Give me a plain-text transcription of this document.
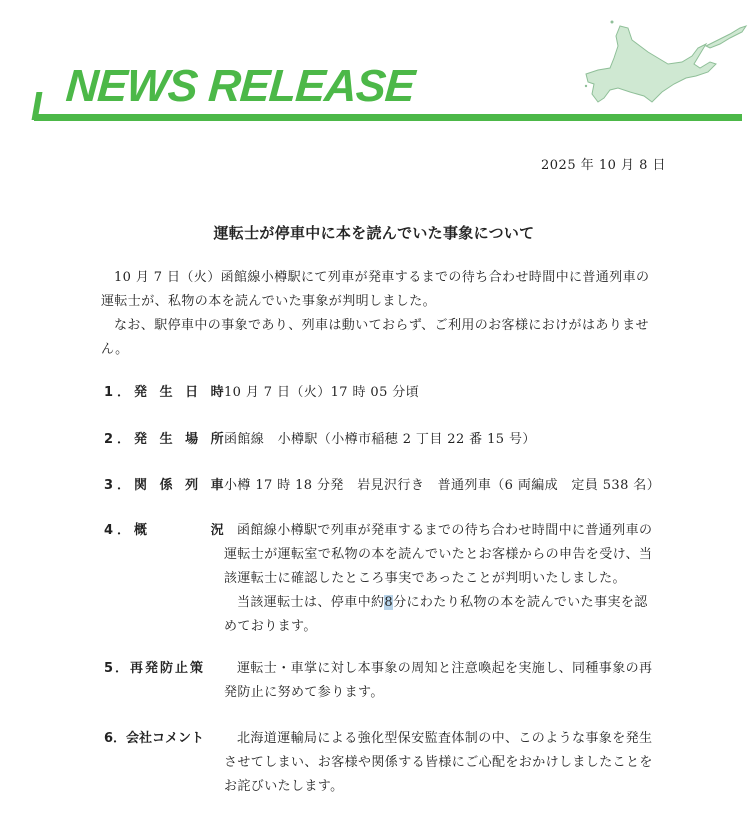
NEWS RELEASE
2025 年 10 月 8 日
運転士が停車中に本を読んでいた事象について

10 月 7 日（火）函館線小樽駅にて列車が発車するまでの待ち合わせ時間中に普通列車の運転士が、私物の本を読んでいた事象が判明しました。

なお、駅停車中の事象であり、列車は動いておらず、ご利用のお客様におけがはありません。

1．発 生 日 時

10 月 7 日（火）17 時 05 分頃

2．発 生 場 所

函館線　小樽駅（小樽市稲穂 2 丁目 22 番 15 号）

3．関 係 列 車

小樽 17 時 18 分発　岩見沢行き　普通列車（6 両編成　定員 538 名）

4．概　　　 況 函館線小樽駅で列車が発車するまでの待ち合わせ時間中に普通列車の運転士が運転室で私物の本を読んでいたとお客様からの申告を受け、当該運転士に確認したところ事実であったことが判明いたしました。

当該運転士は、停車中約8分にわたり私物の本を読んでいた事実を認めております。

5．再発防止策	運転士・車掌に対し本事象の周知と注意喚起を実施し、同種事象の再発防止に努めて参ります。

6．会社コメント	北海道運輸局による強化型保安監査体制の中、このような事象を発生させてしまい、お客様や関係する皆様にご心配をおかけしましたことをお詫びいたします。
